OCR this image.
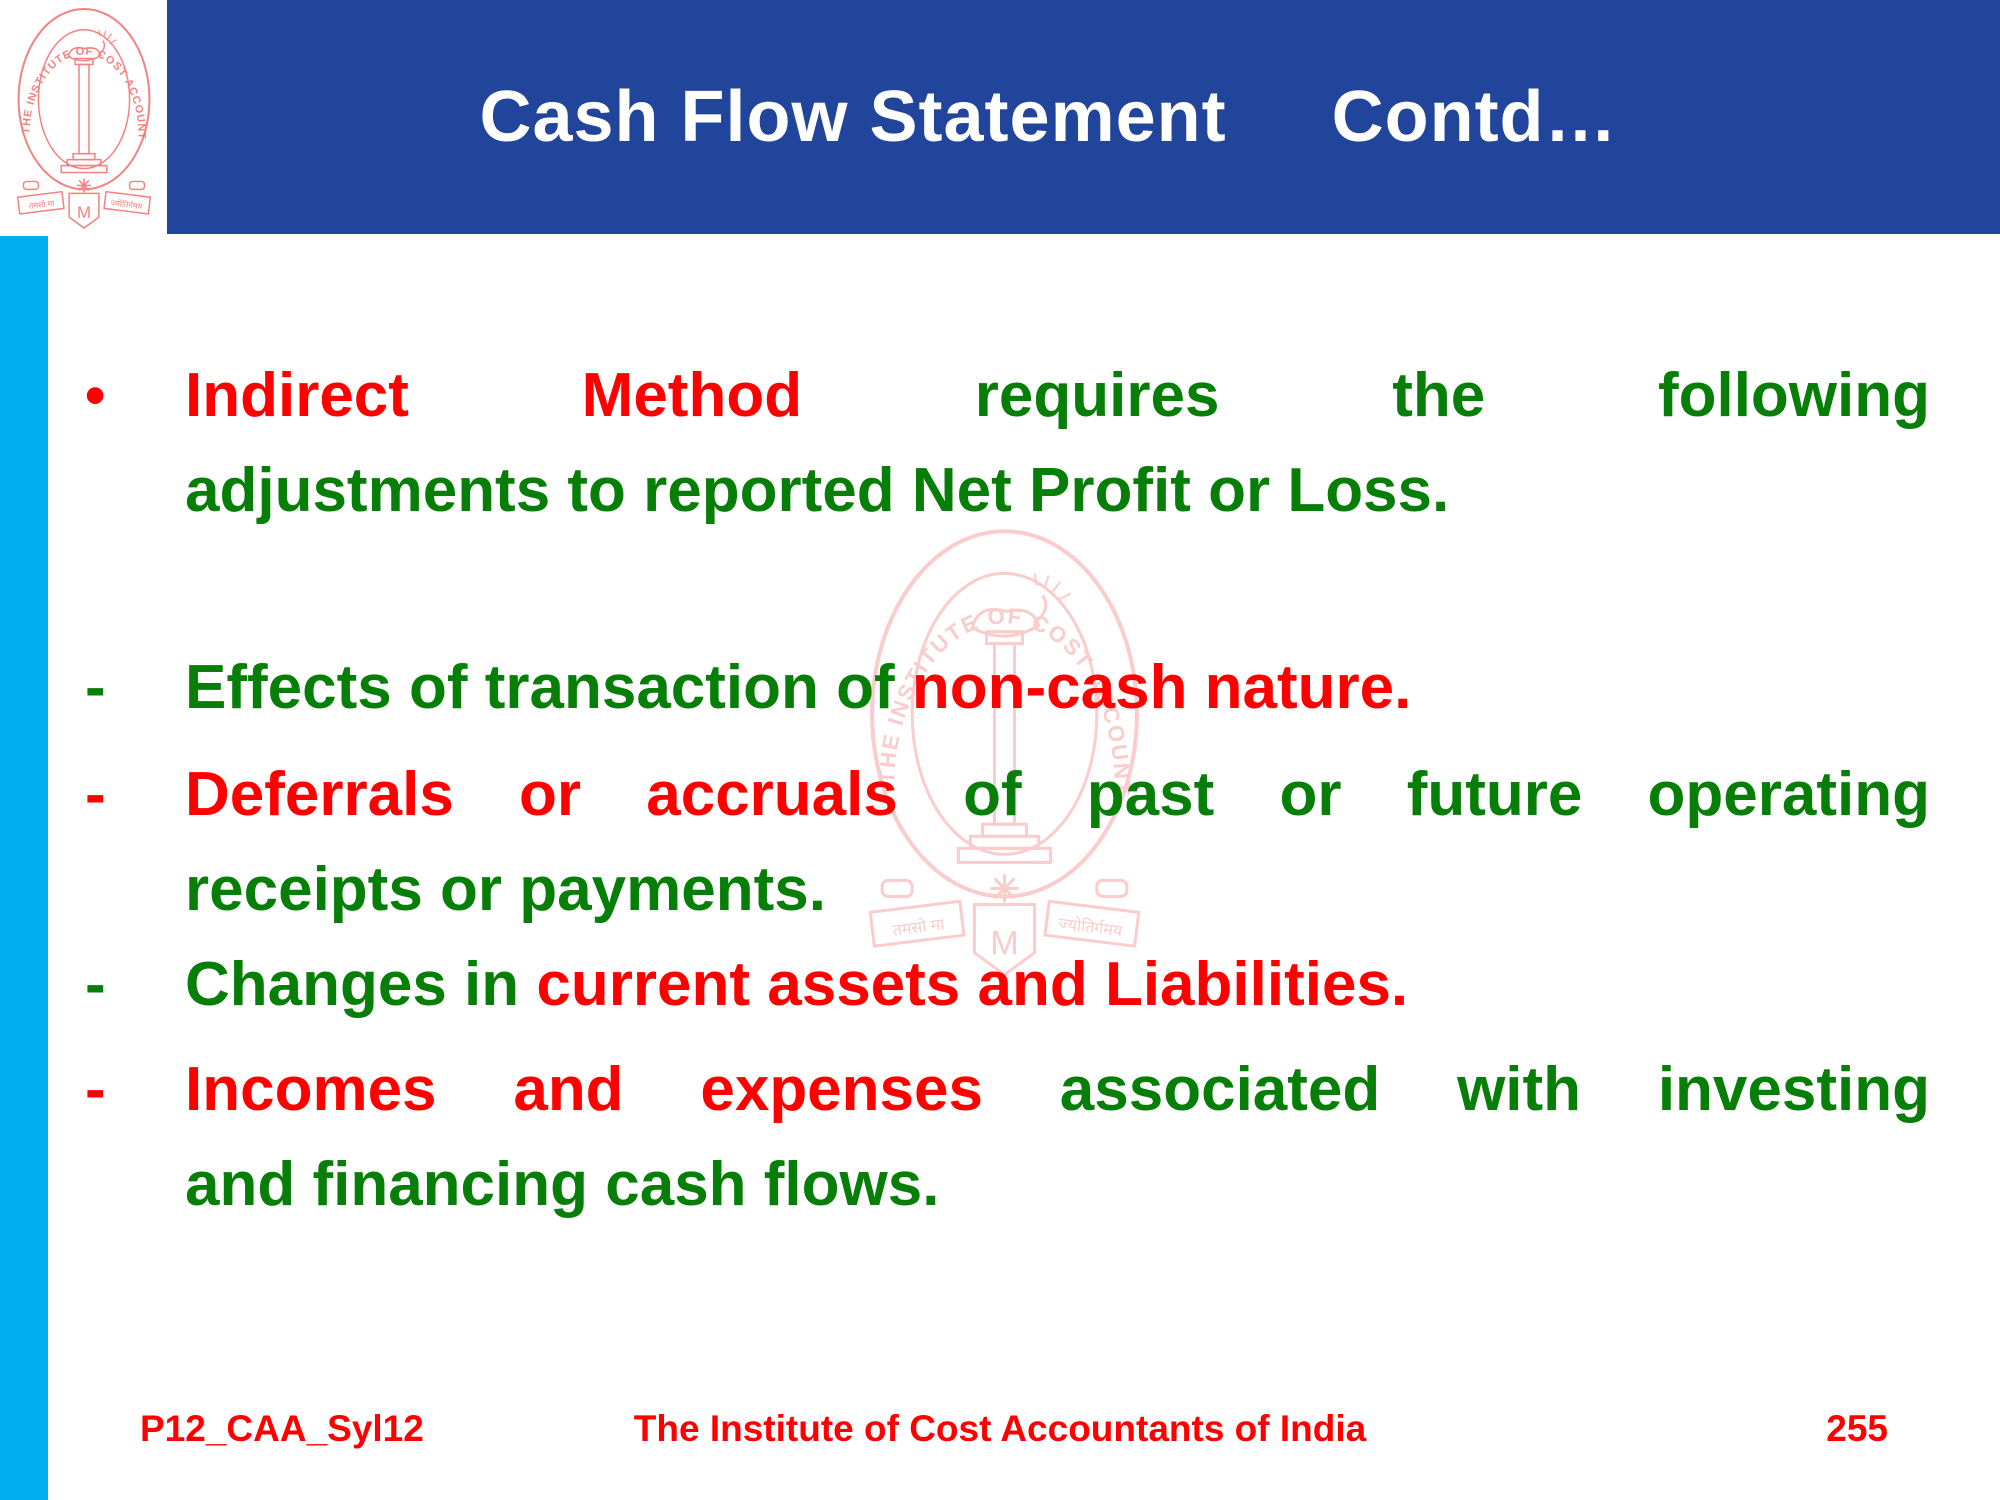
Cash Flow Statement     Contd…
•	Indirect Method requires the following
adjustments to reported Net Profit or Loss.
-	Effects of transaction of non-cash nature.
-	Deferrals or accruals of past or future operating
receipts or payments.
-	Changes in current assets and Liabilities.
-	Incomes and expenses associated with investing
and financing cash flows.
P12_CAA_Syl12	The Institute of Cost Accountants of India	255
